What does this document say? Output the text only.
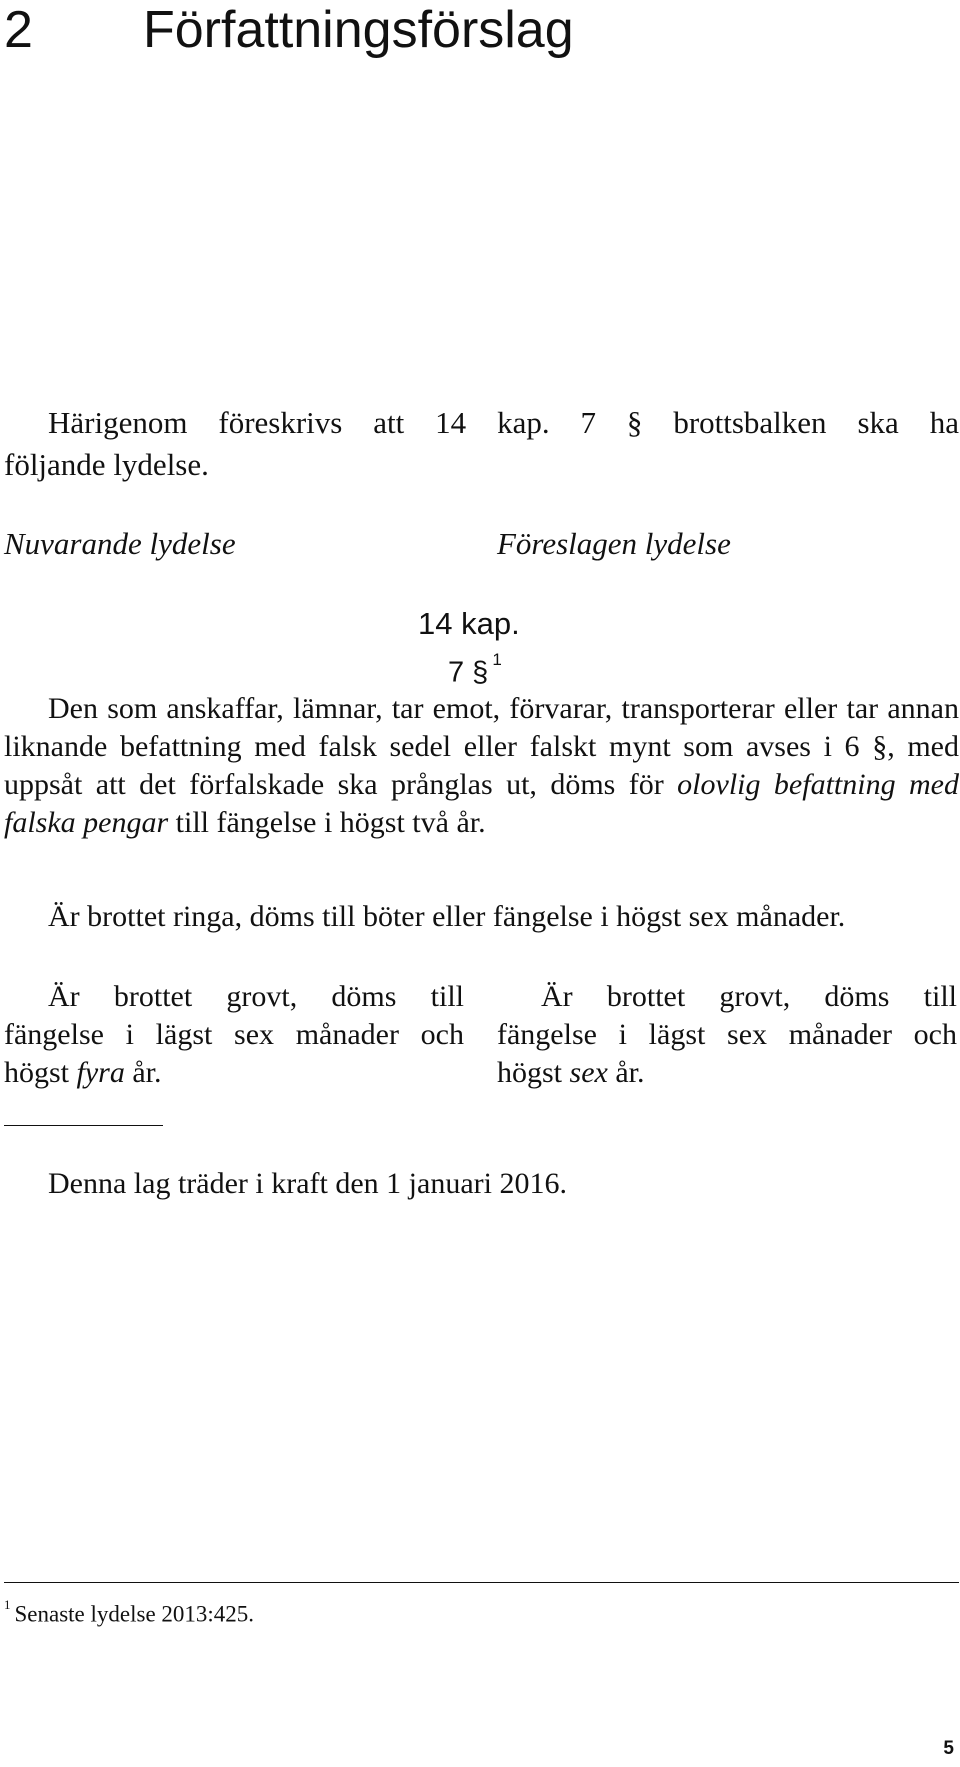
2 Författningsförslag
Härigenom föreskrivs att 14 kap. 7 § brottsbalken ska ha
följande lydelse.
Nuvarande lydelse	Föreslagen lydelse
14 kap.
7 § $^1$
Den som anskaffar, lämnar, tar emot, förvarar, transporterar eller tar annan liknande befattning med falsk sedel eller falskt mynt som avses i 6 §, med uppsåt att det förfalskade ska prånglas ut, döms för olovlig befattning med falska pengar till fängelse i högst två år.
Är brottet ringa, döms till böter eller fängelse i högst sex månader.
Är brottet grovt, döms till fängelse i lägst sex månader och högst fyra år.
Är brottet grovt, döms till fängelse i lägst sex månader och högst sex år.
Denna lag träder i kraft den 1 januari 2016.
$^1$ Senaste lydelse 2013:425.
5
